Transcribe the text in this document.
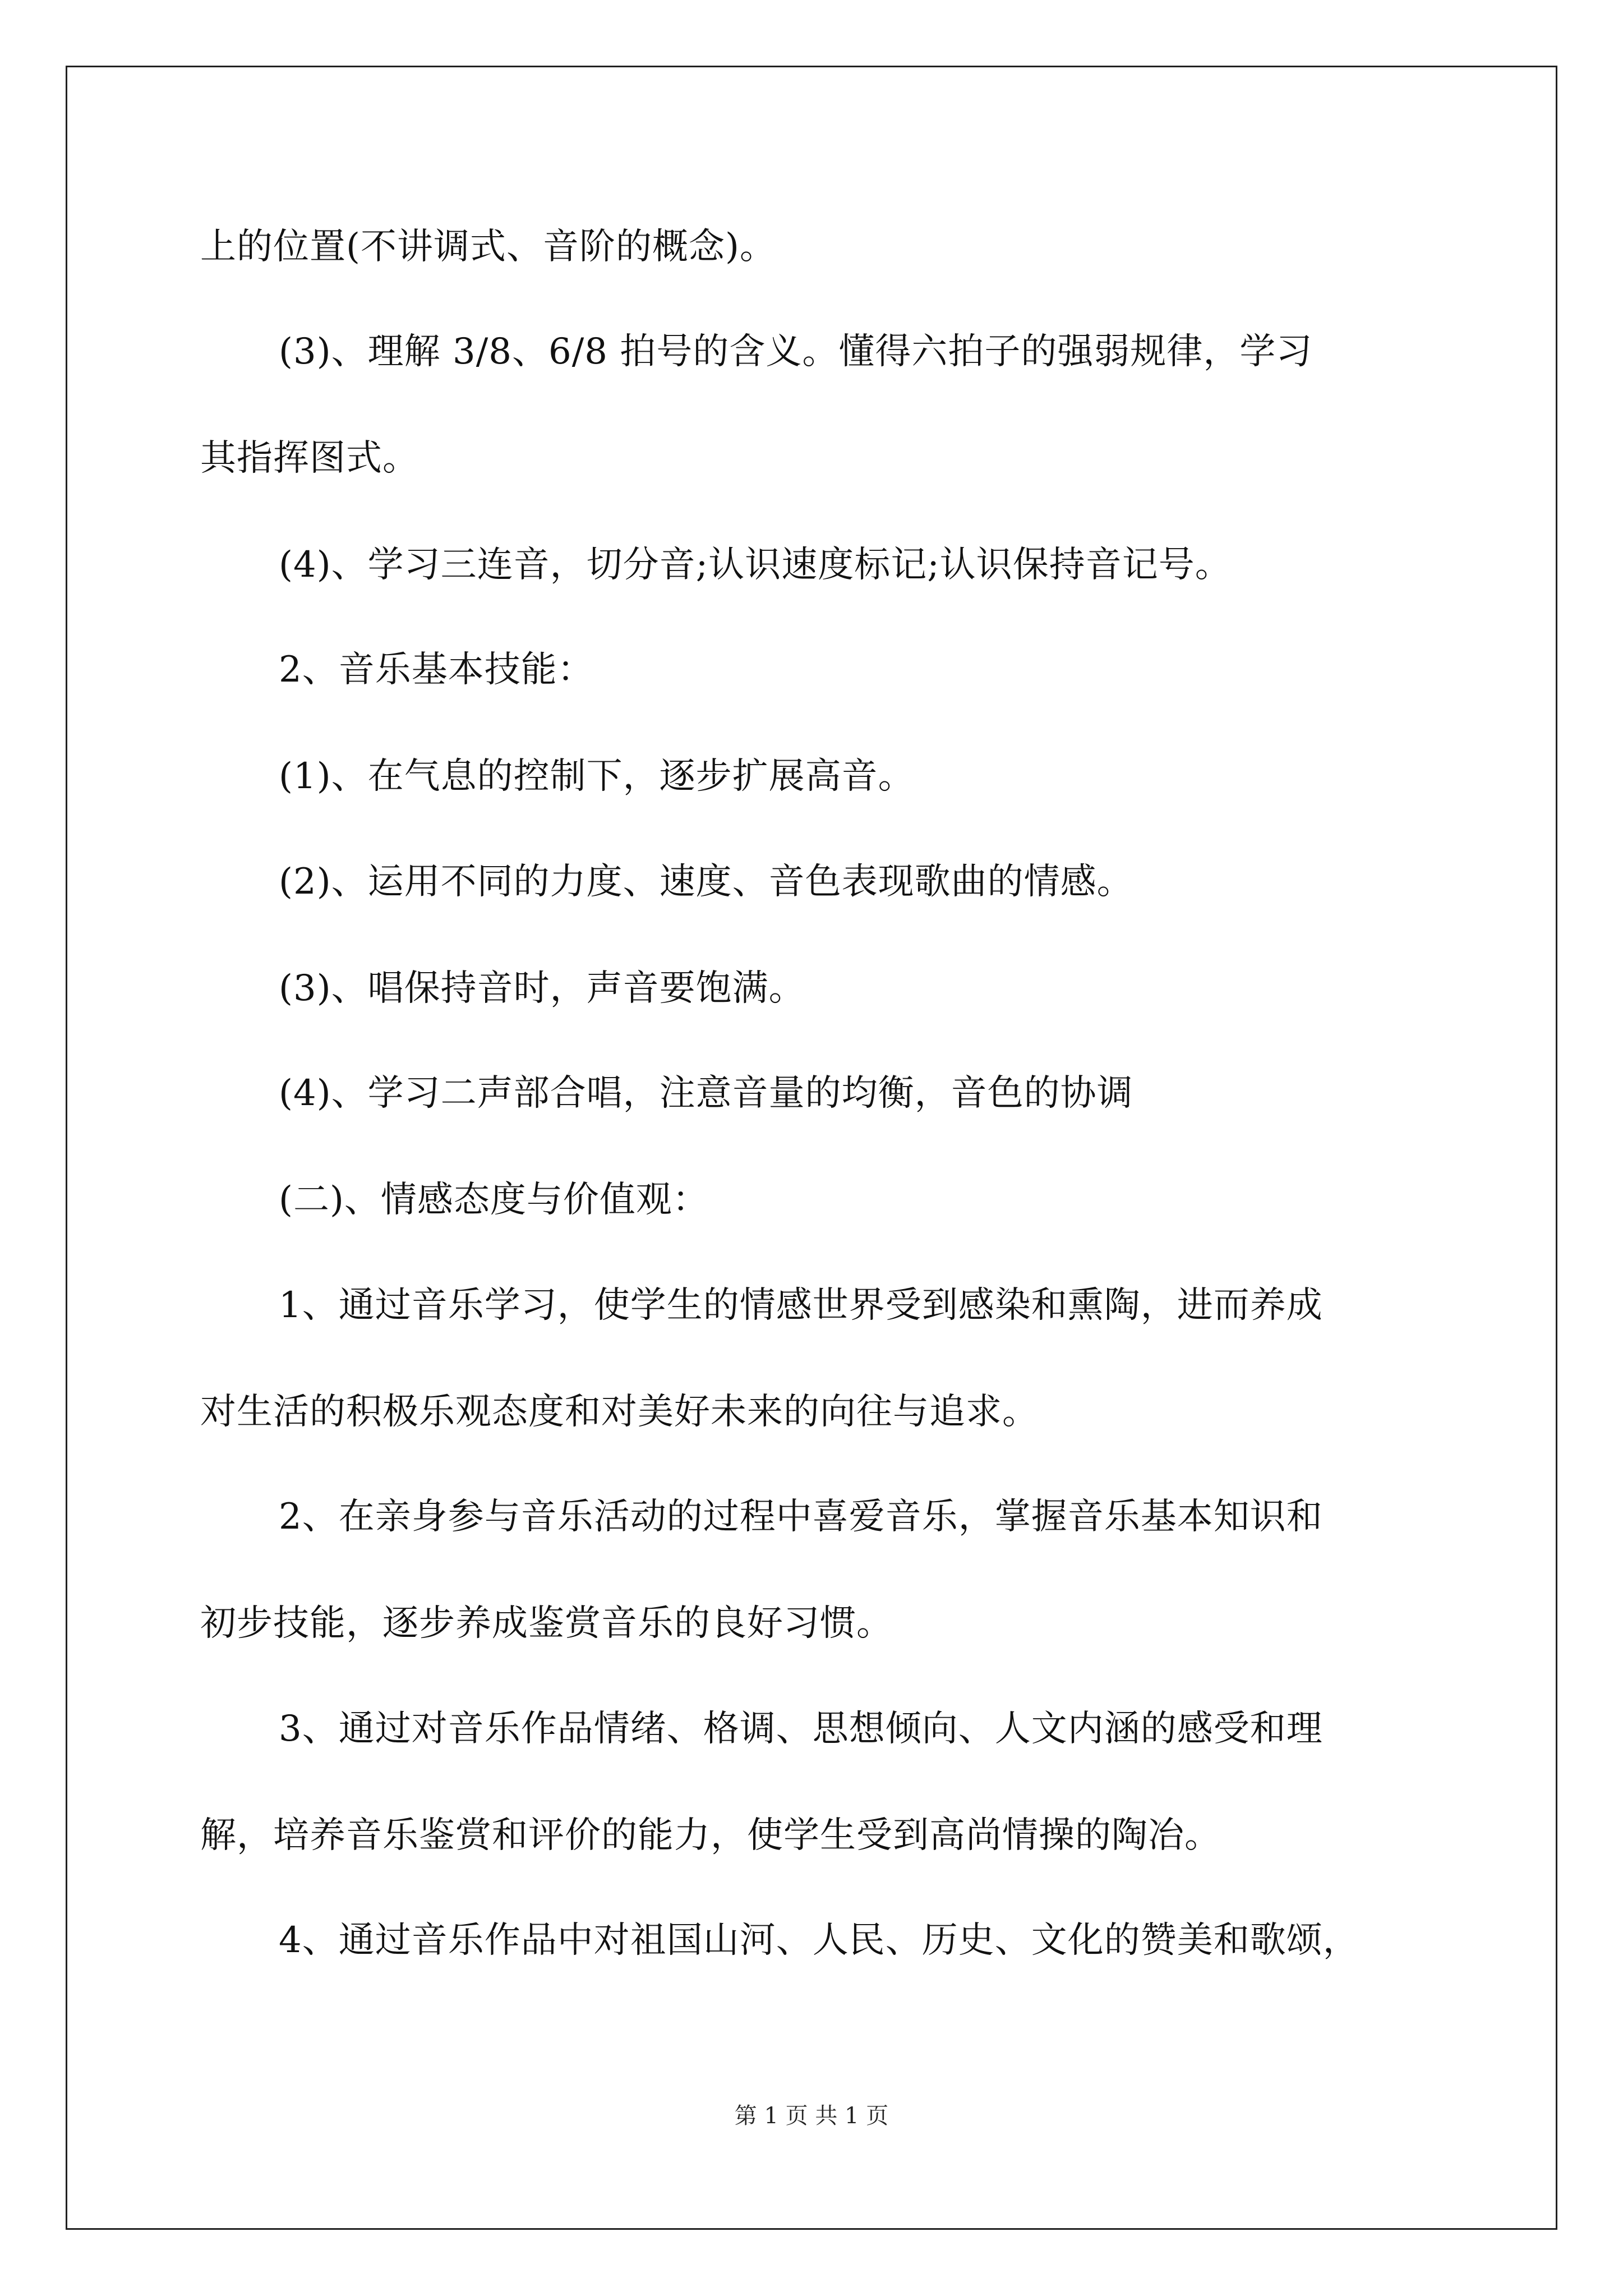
上的位置(不讲调式、音阶的概念)。
(3)、理解 3/8、6/8 拍号的含义。懂得六拍子的强弱规律，学习
其指挥图式。
(4)、学习三连音，切分音;认识速度标记;认识保持音记号。
2、音乐基本技能：
(1)、在气息的控制下，逐步扩展高音。
(2)、运用不同的力度、速度、音色表现歌曲的情感。
(3)、唱保持音时，声音要饱满。
(4)、学习二声部合唱，注意音量的均衡，音色的协调
(二)、情感态度与价值观：
1、通过音乐学习，使学生的情感世界受到感染和熏陶，进而养成
对生活的积极乐观态度和对美好未来的向往与追求。
2、在亲身参与音乐活动的过程中喜爱音乐，掌握音乐基本知识和
初步技能，逐步养成鉴赏音乐的良好习惯。
3、通过对音乐作品情绪、格调、思想倾向、人文内涵的感受和理
解，培养音乐鉴赏和评价的能力，使学生受到高尚情操的陶冶。
4、通过音乐作品中对祖国山河、人民、历史、文化的赞美和歌颂，
第 1 页 共 1 页
